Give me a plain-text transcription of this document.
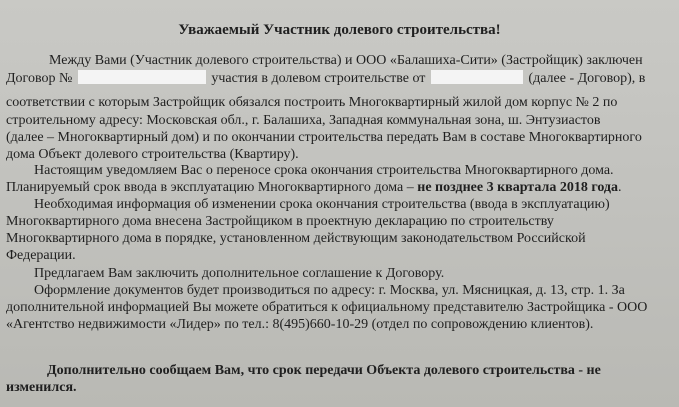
Уважаемый Участник долевого строительства!
Между Вами (Участник долевого строительства) и ООО «Балашиха-Сити» (Застройщик) заключен
Договор №	участия в долевом строительстве от	(далее - Договор), в
соответствии с которым Застройщик обязался построить Многоквартирный жилой дом корпус № 2 по
строительному адресу: Московская обл., г. Балашиха, Западная коммунальная зона, ш. Энтузиастов
(далее – Многоквартирный дом) и по окончании строительства передать Вам в составе Многоквартирного
дома Объект долевого строительства (Квартиру).
Настоящим уведомляем Вас о переносе срока окончания строительства Многоквартирного дома.
Планируемый срок ввода в эксплуатацию Многоквартирного дома – не позднее 3 квартала 2018 года.
Необходимая информация об изменении срока окончания строительства (ввода в эксплуатацию)
Многоквартирного дома внесена Застройщиком в проектную декларацию по строительству
Многоквартирного дома в порядке, установленном действующим законодательством Российской
Федерации.
Предлагаем Вам заключить дополнительное соглашение к Договору.
Оформление документов будет производиться по адресу: г. Москва, ул. Мясницкая, д. 13, стр. 1. За
дополнительной информацией Вы можете обратиться к официальному представителю Застройщика - ООО
«Агентство недвижимости «Лидер» по тел.: 8(495)660-10-29 (отдел по сопровождению клиентов).
Дополнительно сообщаем Вам, что срок передачи Объекта долевого строительства - не
изменился.
